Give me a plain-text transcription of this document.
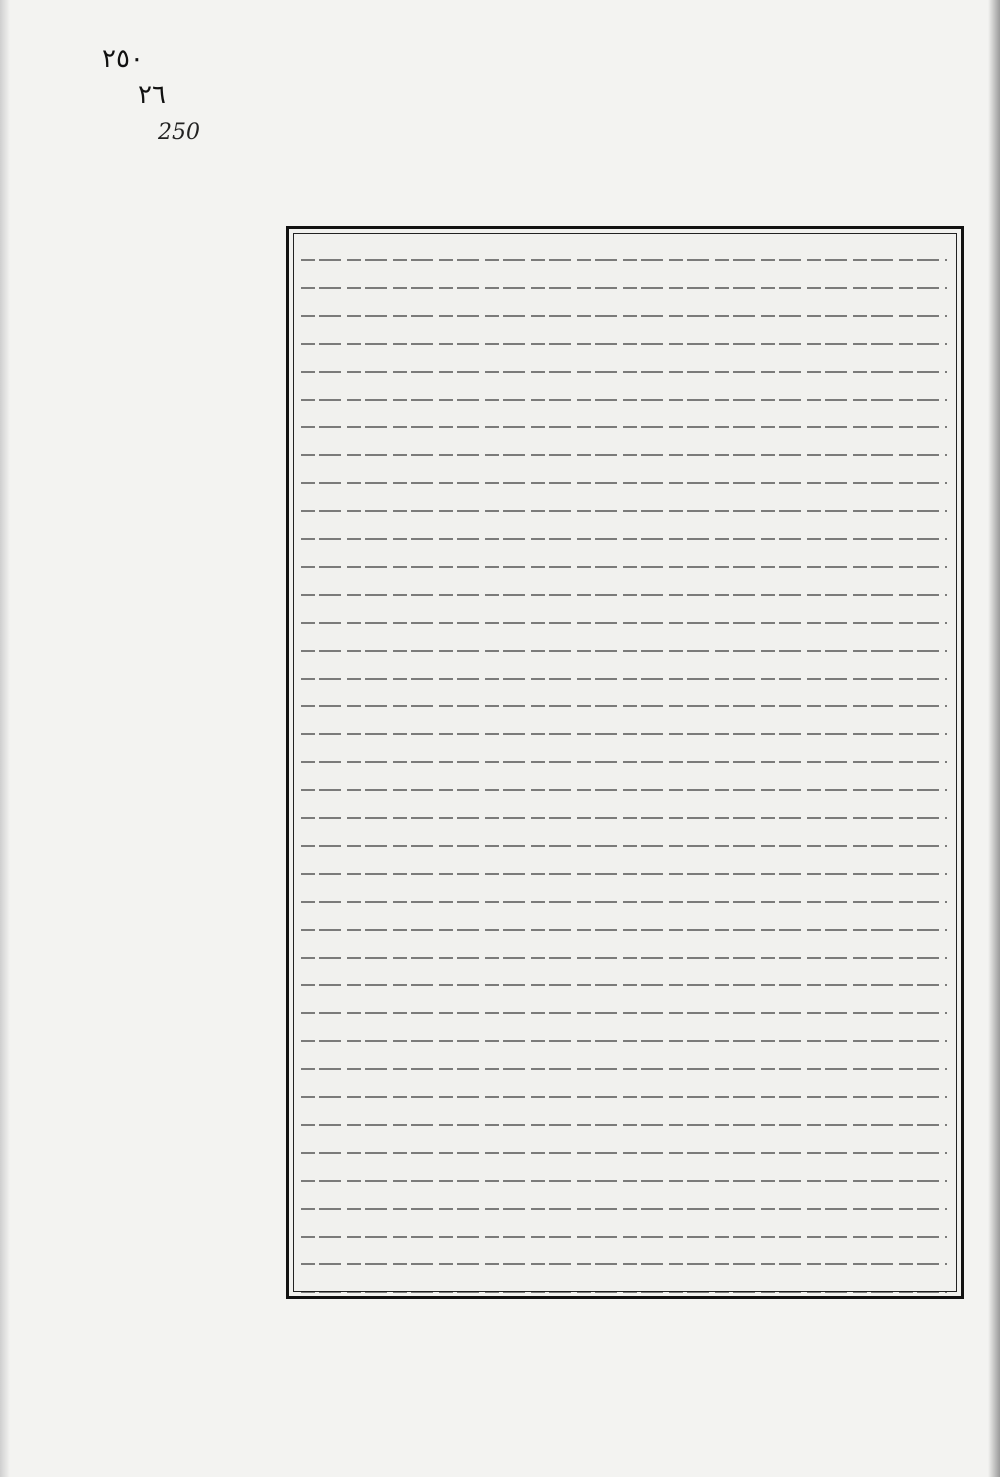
٢٥٠
٢٦
250
